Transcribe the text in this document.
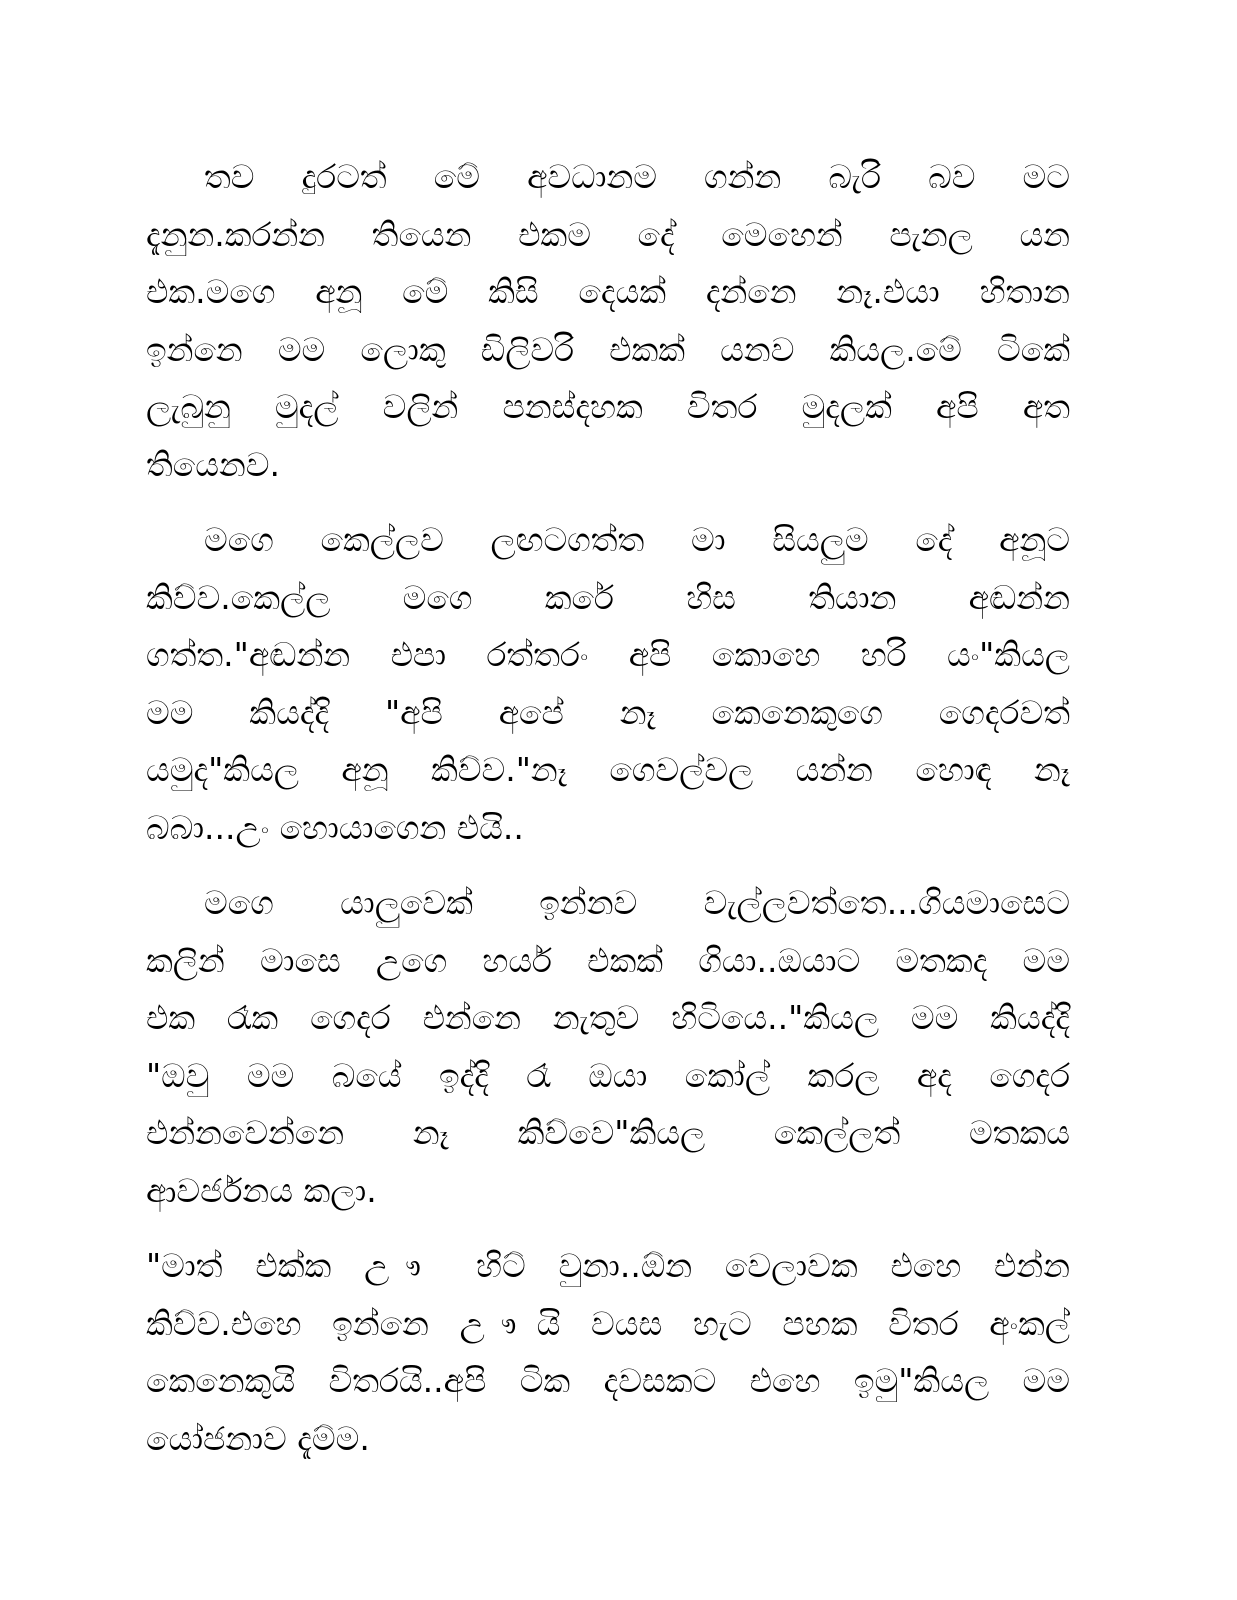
තව දුරටත් මේ අවධානම ගන්න බැරි බව මට
දැනුන.කරන්න තියෙන එකම දේ මෙහෙන් පැනල යන
එක.මගෙ අනූ මේ කිසි දෙයක් දන්නෙ නෑ.එයා හිතාන
ඉන්නෙ මම ලොකු ඩිලිවරි එකක් යනව කියල.මේ ටිකේ
ලැබුනු මුදල් වලින් පනස්දහක විතර මුදලක් අපි අත
තියෙනව.

මගෙ කෙල්ලව ලඟටගත්ත මා සියලුම දේ අනූට
කිව්ව.කෙල්ල මගෙ කරේ හිස තියාන අඬන්න
ගත්ත."අඬන්න එපා රත්තරං අපි කොහෙ හරි යං"කියල
මම කියද්දි "අපි අපේ නෑ කෙනෙකුගෙ ගෙදරවත්
යමුද"කියල අනූ කිව්ව."නෑ ගෙවල්වල යන්න හොඳ නෑ
බබා...උං හොයාගෙන එයි..

මගෙ යාලුවෙක් ඉන්නව වැල්ලවත්තෙ...ගියමාසෙට
කලින් මාසෙ උගෙ හයර් එකක් ගියා..ඔයාට මතකද මම
එක රෑක ගෙදර එන්නෙ නැතුව හිටියෙ.."කියල මම කියද්දි
"ඔවු මම බයේ ඉද්දි රෑ ඔයා කෝල් කරල අද ගෙදර
එන්නවෙන්නෙ නෑ කිව්වෙ"කියල කෙල්ලත් මතකය
ආවර්ජනය කලා.

"මාත් එක්ක උ ෟ හිට් වුනා..ඕන වෙලාවක එහෙ එන්න
කිව්ව.එහෙ ඉන්නෙ උ ෟයි වයස හැට පහක විතර අංකල්
කෙනෙකුයි විතරයි..අපි ටික දවසකට එහෙ ඉමු"කියල මම
යෝජනාව දැම්ම.
